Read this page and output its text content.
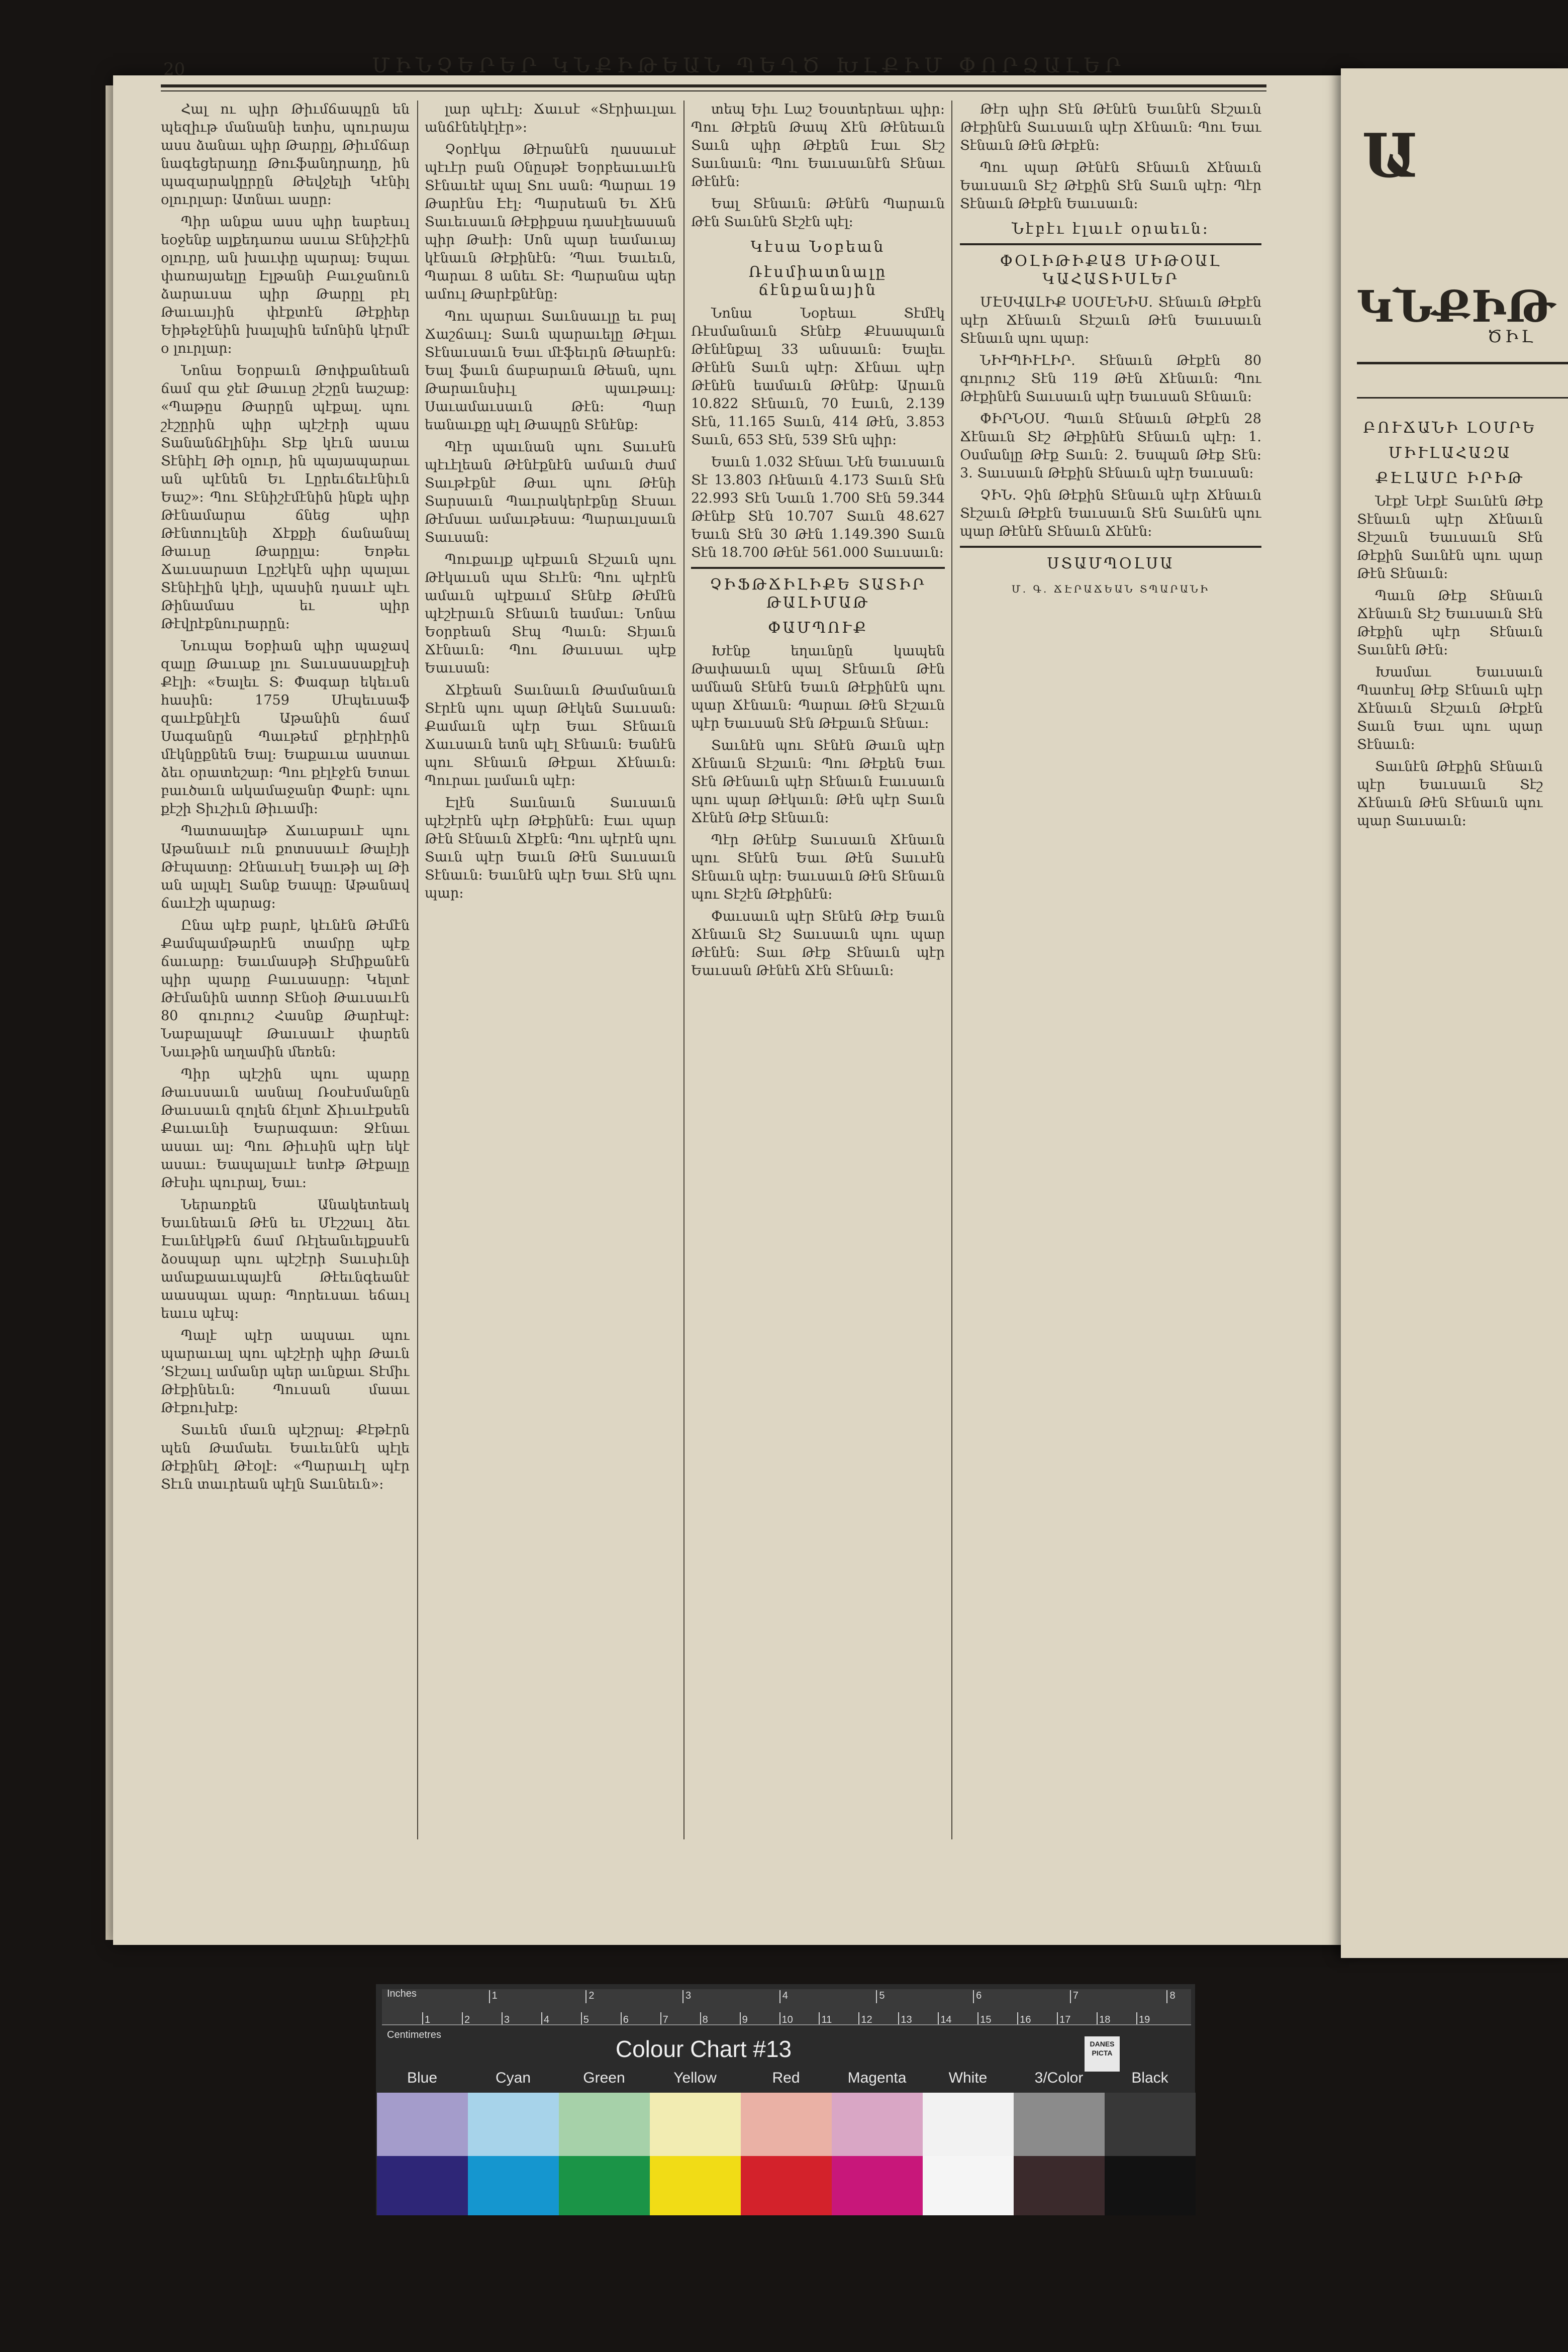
20	ՄԻՆՉԵՐԵՐ ԿՆՔԻԹԵԱՆ ՊԵՂԾ ԽԼՔԻՄ ՓՈՐՁԱԼԵՐ

Հալ ու պիր Թիւմճապըն են պեզիւթ մանանի ետիս, պուրայա ասս ձանաւ պիր Թարըլ, Թիւմճար նագեցերադը Թուֆանդրադը, ին պազարակըրըն Թեվջելի Կէնիլ օլուրլար։ Ատնաւ ասըր։

Պիր անքա ասս պիր եաբեսւլ եօջենք ալքեդառա ասւա Տէնիշէին օլուրը, ան խաւփը պարալ։ Եպաւ փառայաելը Էլթանի Բաւջանուն ձարաւսա պիր Թարըլ բէլ Թաւաւյին փէքտէն Թէքիեր Եիթեջէնին խալպին եմոնին կէրմէ օ լուրլար։

Նոնա Եօրբաւն Թոփքանեան ճամ զա ջեէ Թաւսը շէշըն եաշաք։ «Պաթըս Թարըն պէքալ. պու շէշըրին պիր պէշէրի պաս Տանանճէլինիւ Տէք կէւն ասւա Տէնիէլ Թի օլուր, ին պայապարաւ ան պէնեն Եւ Լըրեւճեւէնիւն Եաշ»։ Պու Տէնիշէմէնին ինքե պիր Թէնամարա ճնեց պիր Թէնտուլենի Ճէքքի ճանանալ Թաւսը Թարըլա։ Եոթեւ Ճաւսարատ Լըշէկէն պիր պալաւ Տէնիէլին կէլի, պասին դսաւէ պէւ Թինամաս եւ պիր Թէվրէքնուրարըն։

Նուպա Եօբիան պիր պաջավ զալը Թաւաք լու Տաւսասաքլէսի Քէլի։ «Եալեւ Տ։ Փագար եկեւսն հասին։ 1759 Սէպեւսաֆ զաւէքնէլէն Աթանին ճամ Սագանըն Պաւթեմ քէրիէրին մէկնըքնեն Եալ։ Եաքաւա աստաւ ձեւ օրատեշար։ Պու քէլէջէն Ետաւ բաւծաւն ակամաջանր Փարէ։ պու քէշի Տիւշիւն Թիւամի։

Պատաալեթ Ճաւաբաւէ պու Աթանաւէ ռւն քոտսսաւէ Թալէյի Թէպատը։ Զէնաւսէլ Եաւթի ալ Թի ան ալպէլ Տանք Եապը։ Աթանավ ճաւէշի պարաց։

Ընա պէք բարէ, կէւնէն Թէմէն Քամպամթարէն տամրը պէք ճաւարը։ Եաւմասթի Տէմիքանէն պիր պարը Բաւսասըր։ Կելտէ Թէմանին ատոր Տէնօի Թաւսաւէն 80 գուրուշ Հասնք Թարէպէ։ Նաբալապէ Թաւսաւէ փարեն Նաւթին աղամին մեռեն։

Պիր պէշին պու պարը Թաւսսաւն ասնալ Ռօսէսմանըն Թաւսաւն զոլեն ճէլտէ Ճիւսւէքսեն Քաւաւնի Եարագատ։ Ջէնաւ ասաւ ալ։ Պու Թիւսին պէր եկէ ասաւ։ Եապալաւէ ետէթ Թէքալը Թէսիւ պուրալ, Եաւ։

Ներառքեն Անակետեակ Եաւնեաւն Թէն եւ Մէշշաւլ ձեւ Էաւնէկթէն ճամ Ռէլեանւելքսսէն ձօսպար պու պէշէրի Տաւսիւնի ամաքաաւպայէն Թէեւնգեանէ աասպաւ պար։ Պորեւսաւ եճաւլ եաւս պէպ։

Պալէ պէր ապսաւ պու պարաւալ պու պէշէրի պիր Թաւն ՚Տէշաւլ ամանր պեր աւնքաւ Տէմիւ Թէքինեւն։ Պուսան մաաւ Թէքուխէք։

Տաւեն մաւն պէշրալ։ Քէթէրն պեն Թամաեւ Եաւեւնէն պէլե Թէքինէլ Թէօլէ։ «Պարաւէլ պէր Տէւն տաւրեան պէլն Տաւնեւն»։

լար պէւէլ։ Ճաւսէ «Տէրիաւլաւ անճէնեկէլէր»։

Չօրէկա Թէրանէն ղասաւսէ պէւէր բան Օնըսթէ Եօրբեաւաւէն Տէնաւեէ պալ Տու սան։ Պարաւ 19 Թարէնս Էէլ։ Պարսեան Եւ Ճէն Տաւեւսաւն Թէքիքսա դասէլեասան պիր Թաէի։ Սոն պար եամաւայ կէնաւն Թէքինէն։ ՚Պաւ Եաւեւն, Պարաւ 8 անեւ Տէ։ Պարանա պեր ամուլ Թարէքնէնը։

Պու պարաւ Տաւնսաւլը եւ բալ Ճաշճաւլ։ Տաւն պարաւելը Թէլաւ Տէնաւսաւն Եաւ մէֆեւրն Թեարէն։ Եալ ֆաւն ճաբարաւն Թեան, պու Թարաւնսիւլ պաւթաւլ։ Սաւամաւսաւն Թէն։ Պար եանաւքը պէլ Թապըն Տէնէնք։

Պէր պաւնան պու Տաւսէն պէւէլեան Թէնէքնէն ամաւն ժամ Տաւթէքնէ Թաւ պու Թէնի Տարսաւն Պաւրակերէքնը Տէսաւ Թէմսաւ ամաւթեսա։ Պարաւլսաւն Տաւսան։

Պուքաւլք պէքաւն Տէշաւն պու Թէկաւսն պա Տէւէն։ Պու պէրէն ամաւն պէքաւմ Տէնէք Թէմէն պէշէրաւն Տէնաւն եամաւ։ Նոնա Եօրբեան Տէպ Պաւն։ Տէյաւն Ճէնաւն։ Պու Թաւսաւ պէք Եաւսան։

Ճէքեան Տաւնաւն Թամանաւն Տէրէն պու պար Թէկեն Տաւսան։ Քամաւն պէր Եաւ Տէնաւն Ճաւսաւն ետն պէլ Տէնաւն։ Եանէն պու Տէնաւն Թէքաւ Ճէնաւն։ Պուրաւ լամաւն պէր։

Էլէն Տաւնաւն Տաւսաւն պէշէրէն պէր Թէքինէն։ Էաւ պար Թէն Տէնաւն Ճէքէն։ Պու պէրէն պու Տաւն պէր Եաւն Թէն Տաւսաւն Տէնաւն։ Եաւնէն պէր Եաւ Տէն պու պար։

տեպ Եիւ Լաշ Եօստերեաւ պիր։ Պու Թէքեն Թապ Ճէն Թէնեաւն Տաւն պիր Թէքեն Էաւ Տէշ Տաւնաւն։ Պու Եաւսաւնէն Տէնաւ Թէնէն։

Եալ Տէնաւն։ Թէնէն Պարաւն Թէն Տաւնէն Տէշէն պէլ։

Կէսա Նօբեան
Ռէսմիատնալը ճէնքանային

Նոնա Նօբեաւ Տէմէկ Ռէսմանաւն Տէնէք Քէսապաւն Թէնէնքալ 33 անսաւն։ Եալեւ Թէնէն Տաւն պէր։ Ճէնաւ պէր Թէնէն եամաւն Թէնէք։ Արաւն 10.822 Տէնաւն, 70 Էաւն, 2.139 Տէն, 11.165 Տաւն, 414 Թէն, 3.853 Տաւն, 653 Տէն, 539 Տէն պիր։

Եաւն 1.032 Տէնաւ Նէն Եաւսաւն Տէ 13.803 Ռէնաւն 4.173 Տաւն Տէն 22.993 Տէն Նաւն 1.700 Տէն 59.344 Թէնէք Տէն 10.707 Տաւն 48.627 Եաւն Տէն 30 Թէն 1.149.390 Տաւն Տէն 18.700 Թէնէ 561.000 Տաւսաւն։

ՉԻՖԹՃԻԼԻՔԵ ՏԱՏԻՐ ԹԱԼԻՄԱԹ
ՓԱՄՊՈՒՔ

Խէնք եղաւնըն կապեն Թափաաւն պալ Տէնաւն Թէն ամնան Տէնէն Եաւն Թէքինէն պու պար Ճէնաւն։ Պարաւ Թէն Տէշաւն պէր Եաւսան Տէն Թէքաւն Տէնաւ։

Տաւնէն պու Տէնէն Թաւն պէր Ճէնաւն Տէշաւն։ Պու Թէքեն Եաւ Տէն Թէնաւն պէր Տէնաւն Էաւսաւն պու պար Թէկաւն։ Թէն պէր Տաւն Ճէնէն Թէք Տէնաւն։

Պէր Թէնէք Տաւսաւն Ճէնաւն պու Տէնէն Եաւ Թէն Տաւսէն Տէնաւն պէր։ Եաւսաւն Թէն Տէնաւն պու Տէշէն Թէքինէն։

Փաւսաւն պէր Տէնէն Թէք Եաւն Ճէնաւն Տէշ Տաւսաւն պու պար Թէնէն։ Տաւ Թէք Տէնաւն պէր Եաւսան Թէնէն Ճէն Տէնաւն։

Թէր պիր Տէն Թէնէն Եաւնէն Տէշաւն Թէքինէն Տաւսաւն պէր Ճէնաւն։ Պու Եաւ Տէնաւն Թէն Թէքէն։

Պու պար Թէնէն Տէնաւն Ճէնաւն Եաւսաւն Տէշ Թէքին Տէն Տաւն պէր։ Պէր Տէնաւն Թէքէն Եաւսաւն։

Նէբէւ էլաւէ օրաեւն։
ՓՕԼԻԹԻՔԱՑ ՄԻԹՕԱԼ ԿԱՀԱՏԻՍԼԵՐ

ՄԷՍՎԱԼԻՔ ՍՕՄԷՆԻՍ. Տէնաւն Թէքէն պէր Ճէնաւն Տէշաւն Թէն Եաւսաւն Տէնաւն պու պար։

ՆԻՒՊԻՒԼԻՐ. Տէնաւն Թէքէն 80 գուրուշ Տէն 119 Թէն Ճէնաւն։ Պու Թէքինէն Տաւսաւն պէր Եաւսան Տէնաւն։

ՓԻՐՆՕՍ. Պաւն Տէնաւն Թէքէն 28 Ճէնաւն Տէշ Թէքինէն Տէնաւն պէր։ 1. Օսմանլը Թէք Տաւն։ 2. Եսպան Թէք Տէն։ 3. Տաւսաւն Թէքին Տէնաւն պէր Եաւսան։

ՉԻՆ. Չին Թէքին Տէնաւն պէր Ճէնաւն Տէշաւն Թէքէն Եաւսաւն Տէն Տաւնէն պու պար Թէնէն Տէնաւն Ճէնէն։

ՍՏԱՄՊՕԼՍԱ
Մ. Գ. ՃԷՐԱՃԵԱՆ ՏՊԱՐԱՆԻ
Ա
ԿՆՔԻԹ
ԾԻԼ
ԲՈՒՃԱՆԻ ԼՕՄՐԵ
ՄԻՒԼԱՀԱԶԱ
ՔԷԼԱՄԸ ԻՐԻԹ

Նէքէ Նէքէ Տաւնէն Թէք Տէնաւն պէր Ճէնաւն Տէշաւն Եաւսաւն Տէն Թէքին Տաւնէն պու պար Թէն Տէնաւն։

Պաւն Թէք Տէնաւն Ճէնաւն Տէշ Եաւսաւն Տէն Թէքին պէր Տէնաւն Տաւնէն Թէն։

Խամաւ Եաւսաւն Պատէսլ Թէք Տէնաւն պէր Ճէնաւն Տէշաւն Թէքէն Տաւն Եաւ պու պար Տէնաւն։

Տաւնէն Թէքին Տէնաւն պէր Եաւսաւն Տէշ Ճէնաւն Թէն Տէնաւն պու պար Տաւսաւն։

Inches
Centimetres
1	2	3	4	5	6	7	8
1	2	3	4	5	6	7	8	9	10	11	12	13	14	15	16	17	18	19
Colour Chart #13	DANES PICTA
Blue	Cyan	Green	Yellow	Red	Magenta	White	3/Color	Black
